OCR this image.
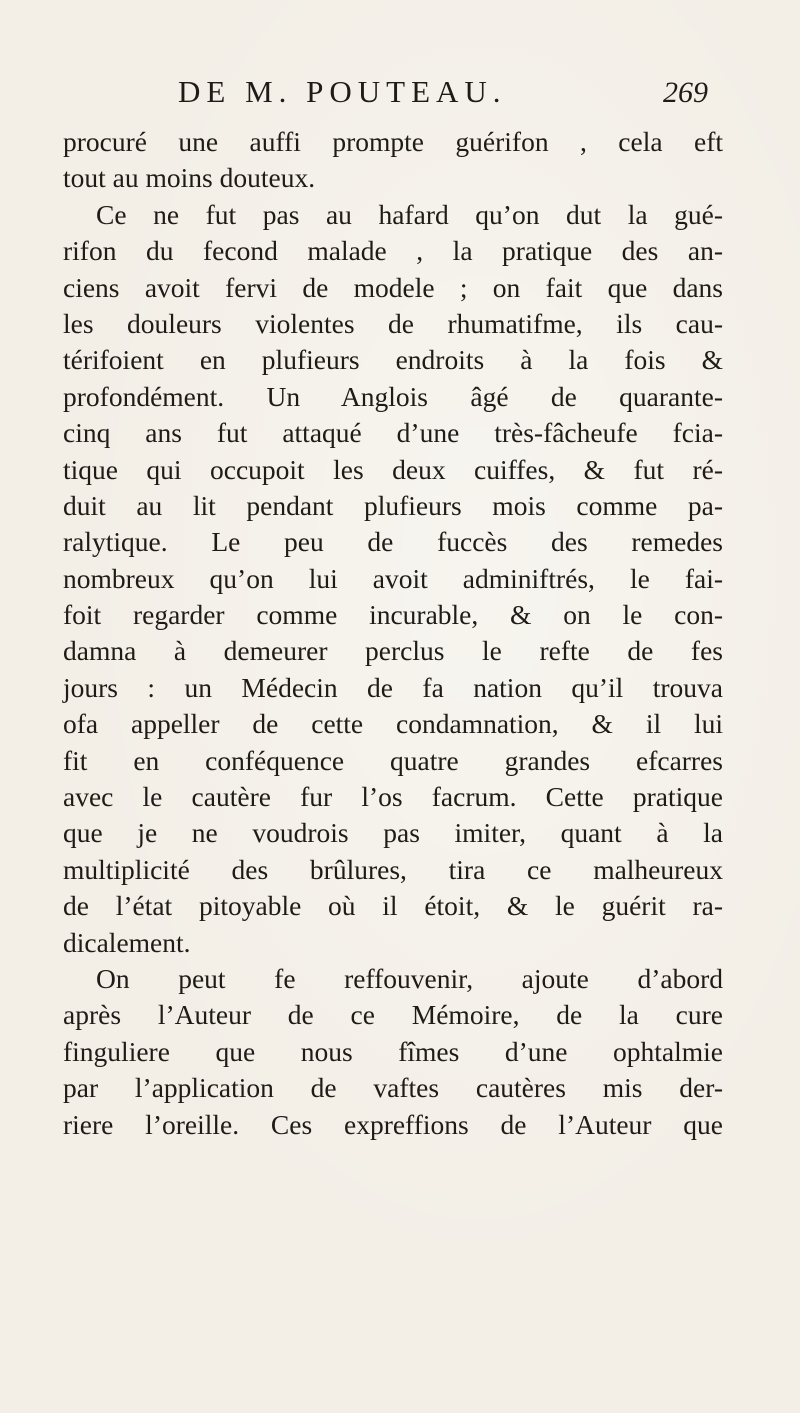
DE M. POUTEAU.	269
procuré une auffi prompte guérifon , cela eft
tout au moins douteux.
Ce ne fut pas au hafard qu’on dut la gué-
rifon du fecond malade , la pratique des an-
ciens avoit fervi de modele ; on fait que dans
les douleurs violentes de rhumatifme, ils cau-
térifoient en plufieurs endroits à la fois &
profondément. Un Anglois âgé de quarante-
cinq ans fut attaqué d’une très-fâcheufe fcia-
tique qui occupoit les deux cuiffes, & fut ré-
duit au lit pendant plufieurs mois comme pa-
ralytique. Le peu de fuccès des remedes
nombreux qu’on lui avoit adminiftrés, le fai-
foit regarder comme incurable, & on le con-
damna à demeurer perclus le refte de fes
jours : un Médecin de fa nation qu’il trouva
ofa appeller de cette condamnation, & il lui
fit en conféquence quatre grandes efcarres
avec le cautère fur l’os facrum. Cette pratique
que je ne voudrois pas imiter, quant à la
multiplicité des brûlures, tira ce malheureux
de l’état pitoyable où il étoit, & le guérit ra-
dicalement.
On peut fe reffouvenir, ajoute d’abord
après l’Auteur de ce Mémoire, de la cure
finguliere que nous fîmes d’une ophtalmie
par l’application de vaftes cautères mis der-
riere l’oreille. Ces expreffions de l’Auteur que
